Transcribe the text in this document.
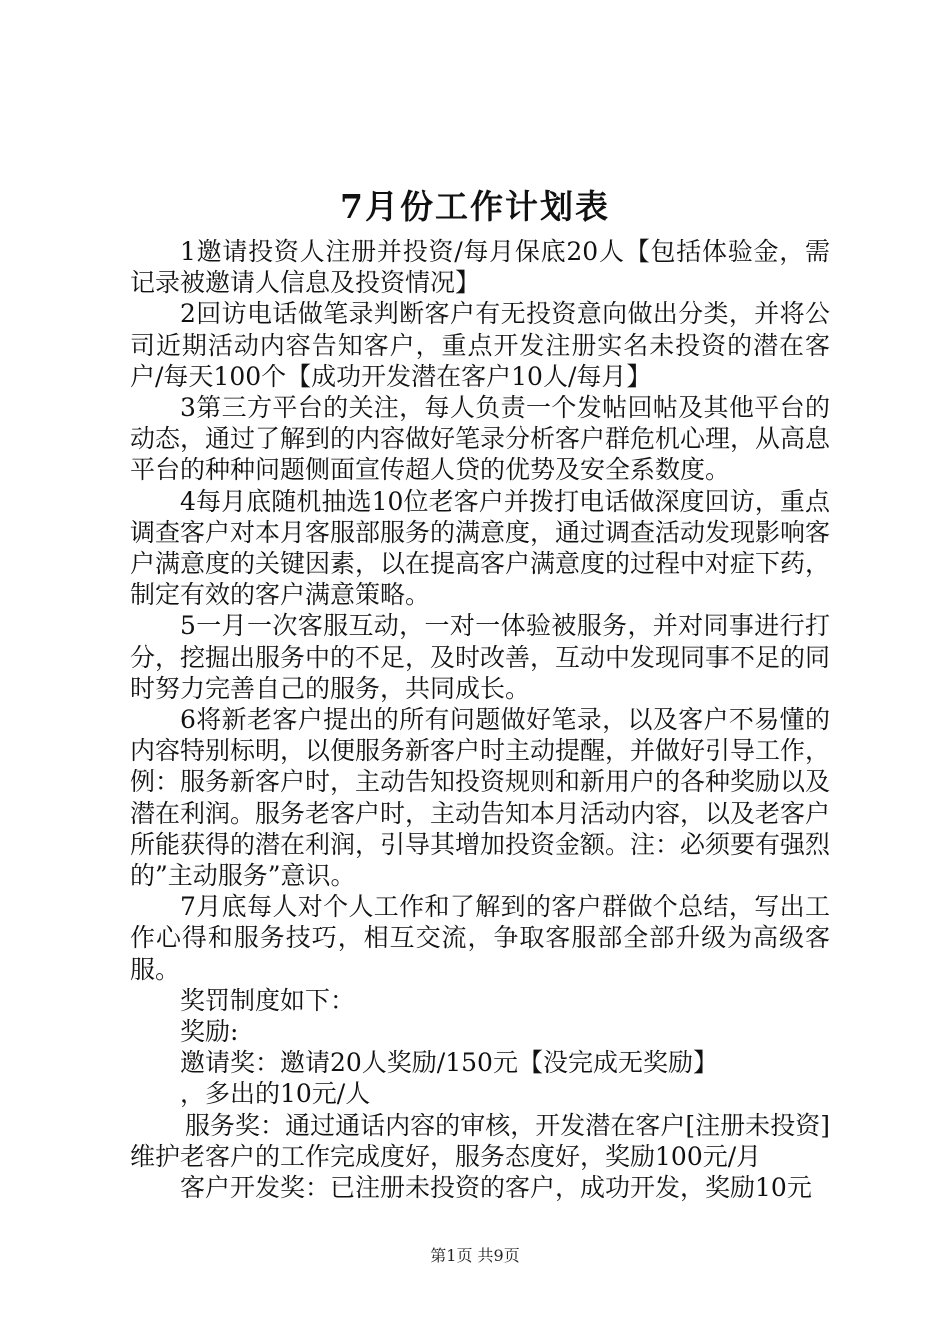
7月份工作计划表

1邀请投资人注册并投资/每月保底20人【包括体验金，需记录被邀请人信息及投资情况】

2回访电话做笔录判断客户有无投资意向做出分类，并将公司近期活动内容告知客户，重点开发注册实名未投资的潜在客户/每天100个【成功开发潜在客户10人/每月】

3第三方平台的关注，每人负责一个发帖回帖及其他平台的动态，通过了解到的内容做好笔录分析客户群危机心理，从高息平台的种种问题侧面宣传超人贷的优势及安全系数度。

4每月底随机抽选10位老客户并拨打电话做深度回访，重点调查客户对本月客服部服务的满意度，通过调查活动发现影响客户满意度的关键因素，以在提高客户满意度的过程中对症下药，制定有效的客户满意策略。

5一月一次客服互动，一对一体验被服务，并对同事进行打分，挖掘出服务中的不足，及时改善，互动中发现同事不足的同时努力完善自己的服务，共同成长。

6将新老客户提出的所有问题做好笔录，以及客户不易懂的内容特别标明，以便服务新客户时主动提醒，并做好引导工作，例：服务新客户时，主动告知投资规则和新用户的各种奖励以及潜在利润。服务老客户时，主动告知本月活动内容，以及老客户所能获得的潜在利润，引导其增加投资金额。注：必须要有强烈的”主动服务”意识。

7月底每人对个人工作和了解到的客户群做个总结，写出工作心得和服务技巧，相互交流，争取客服部全部升级为高级客服。

奖罚制度如下：

奖励:

邀请奖：邀请20人奖励/150元【没完成无奖励】

，多出的10元/人

服务奖：通过通话内容的审核，开发潜在客户[注册未投资]维护老客户的工作完成度好，服务态度好，奖励100元/月

客户开发奖：已注册未投资的客户，成功开发，奖励10元

第1页 共9页
